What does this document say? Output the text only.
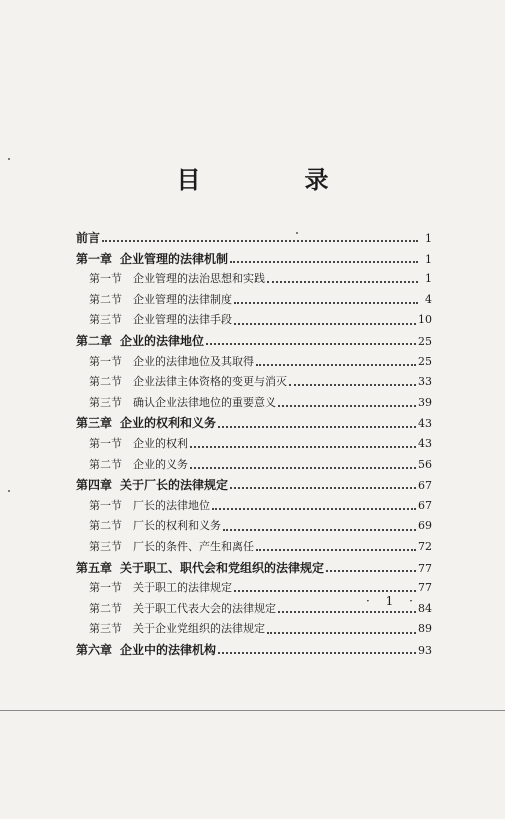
目　录
前言	1
第一章 企业管理的法律机制	1
第一节 企业管理的法治思想和实践	1
第二节 企业管理的法律制度	4
第三节 企业管理的法律手段	10
第二章 企业的法律地位	25
第一节 企业的法律地位及其取得	25
第二节 企业法律主体资格的变更与消灭	33
第三节 确认企业法律地位的重要意义	39
第三章 企业的权利和义务	43
第一节 企业的权利	43
第二节 企业的义务	56
第四章 关于厂长的法律规定	67
第一节 厂长的法律地位	67
第二节 厂长的权利和义务	69
第三节 厂长的条件、产生和离任	72
第五章 关于职工、职代会和党组织的法律规定	77
第一节 关于职工的法律规定	77
第二节 关于职工代表大会的法律规定	84
第三节 关于企业党组织的法律规定	89
第六章 企业中的法律机构	93
· 1 ·
